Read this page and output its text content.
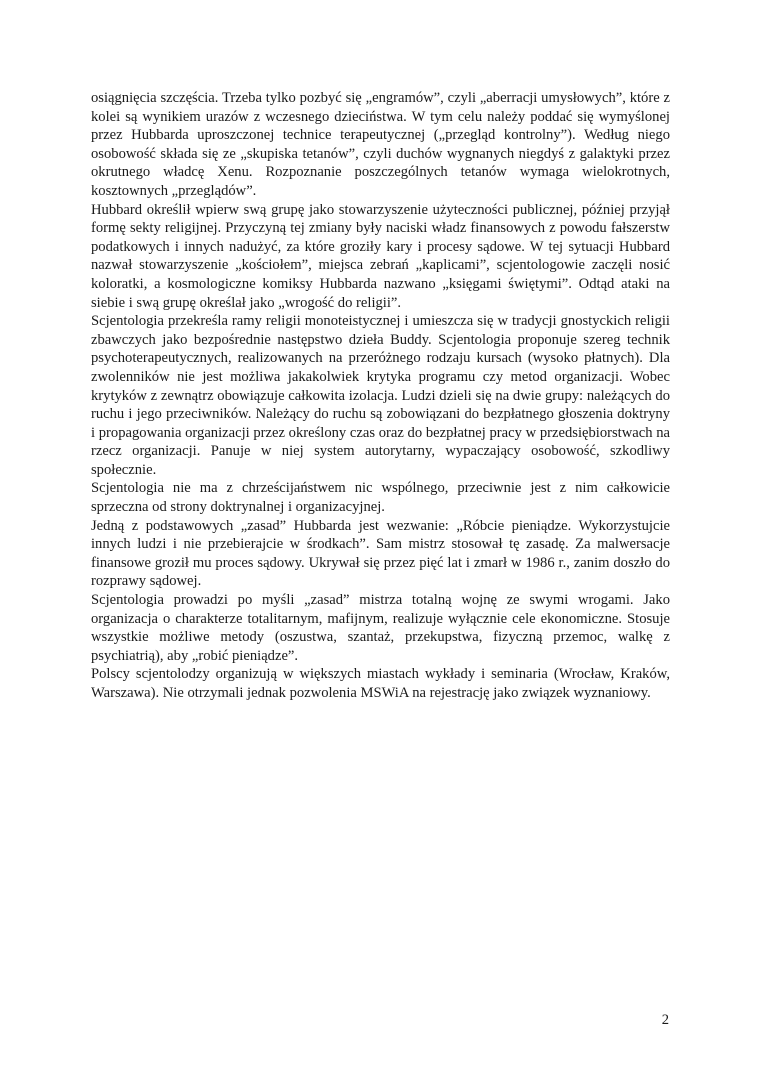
osiągnięcia szczęścia. Trzeba tylko pozbyć się „engramów”, czyli „aberracji umysłowych”, które z kolei są wynikiem urazów z wczesnego dzieciństwa. W tym celu należy poddać się wymyślonej przez Hubbarda uproszczonej technice terapeutycznej („przegląd kontrolny”). Według niego osobowość składa się ze „skupiska tetanów”, czyli duchów wygnanych niegdyś z galaktyki przez okrutnego władcę Xenu. Rozpoznanie poszczególnych tetanów wymaga wielokrotnych, kosztownych „przeglądów”.

Hubbard określił wpierw swą grupę jako stowarzyszenie użyteczności publicznej, później przyjął formę sekty religijnej. Przyczyną tej zmiany były naciski władz finansowych z powodu fałszerstw podatkowych i innych nadużyć, za które groziły kary i procesy sądowe. W tej sytuacji Hubbard nazwał stowarzyszenie „kościołem”, miejsca zebrań „kaplicami”, scjentologowie zaczęli nosić koloratki, a kosmologiczne komiksy Hubbarda nazwano „księgami świętymi”. Odtąd ataki na siebie i swą grupę określał jako „wrogość do religii”.

Scjentologia przekreśla ramy religii monoteistycznej i umieszcza się w tradycji gnostyckich religii zbawczych jako bezpośrednie następstwo dzieła Buddy. Scjentologia proponuje szereg technik psychoterapeutycznych, realizowanych na przeróżnego rodzaju kursach (wysoko płatnych). Dla zwolenników nie jest możliwa jakakolwiek krytyka programu czy metod organizacji. Wobec krytyków z zewnątrz obowiązuje całkowita izolacja. Ludzi dzieli się na dwie grupy: należących do ruchu i jego przeciwników. Należący do ruchu są zobowiązani do bezpłatnego głoszenia doktryny i propagowania organizacji przez określony czas oraz do bezpłatnej pracy w przedsiębiorstwach na rzecz organizacji. Panuje w niej system autorytarny, wypaczający osobowość, szkodliwy społecznie.

Scjentologia nie ma z chrześcijaństwem nic wspólnego, przeciwnie jest z nim całkowicie sprzeczna od strony doktrynalnej i organizacyjnej.

Jedną z podstawowych „zasad” Hubbarda jest wezwanie: „Róbcie pieniądze. Wykorzystujcie innych ludzi i nie przebierajcie w środkach”. Sam mistrz stosował tę zasadę. Za malwersacje finansowe groził mu proces sądowy. Ukrywał się przez pięć lat i zmarł w 1986 r., zanim doszło do rozprawy sądowej.

Scjentologia prowadzi po myśli „zasad” mistrza totalną wojnę ze swymi wrogami. Jako organizacja o charakterze totalitarnym, mafijnym, realizuje wyłącznie cele ekonomiczne. Stosuje wszystkie możliwe metody (oszustwa, szantaż, przekupstwa, fizyczną przemoc, walkę z psychiatrią), aby „robić pieniądze”.

Polscy scjentolodzy organizują w większych miastach wykłady i seminaria (Wrocław, Kraków, Warszawa). Nie otrzymali jednak pozwolenia MSWiA na rejestrację jako związek wyznaniowy.

2
